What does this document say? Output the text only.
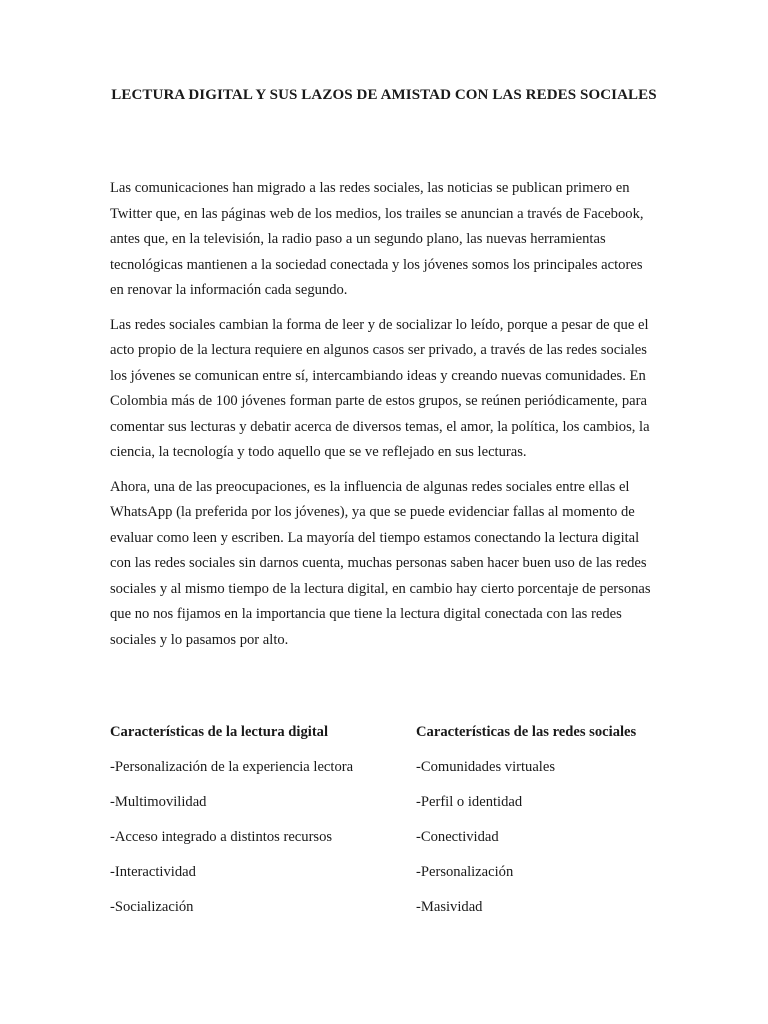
LECTURA DIGITAL Y SUS LAZOS DE AMISTAD CON LAS REDES SOCIALES

Las comunicaciones han migrado a las redes sociales, las noticias se publican primero en Twitter que, en las páginas web de los medios, los trailes se anuncian a través de Facebook, antes que, en la televisión, la radio paso a un segundo plano, las nuevas herramientas tecnológicas mantienen a la sociedad conectada y los jóvenes somos los principales actores en renovar la información cada segundo.

Las redes sociales cambian la forma de leer y de socializar lo leído, porque a pesar de que el acto propio de la lectura requiere en algunos casos ser privado, a través de las redes sociales los jóvenes se comunican entre sí, intercambiando ideas y creando nuevas comunidades. En Colombia más de 100 jóvenes forman parte de estos grupos, se reúnen periódicamente, para comentar sus lecturas y debatir acerca de diversos temas, el amor, la política, los cambios, la ciencia, la tecnología y todo aquello que se ve reflejado en sus lecturas.

Ahora, una de las preocupaciones, es la influencia de algunas redes sociales entre ellas el WhatsApp (la preferida por los jóvenes), ya que se puede evidenciar fallas al momento de evaluar como leen y escriben. La mayoría del tiempo estamos conectando la lectura digital con las redes sociales sin darnos cuenta, muchas personas saben hacer buen uso de las redes sociales y al mismo tiempo de la lectura digital, en cambio hay cierto porcentaje de personas que no nos fijamos en la importancia que tiene la lectura digital conectada con las redes sociales y lo pasamos por alto.

Características de la lectura digital
-Personalización de la experiencia lectora
-Multimovilidad
-Acceso integrado a distintos recursos
-Interactividad
-Socialización
Características de las redes sociales
-Comunidades virtuales
-Perfil o identidad
-Conectividad
-Personalización
-Masividad
